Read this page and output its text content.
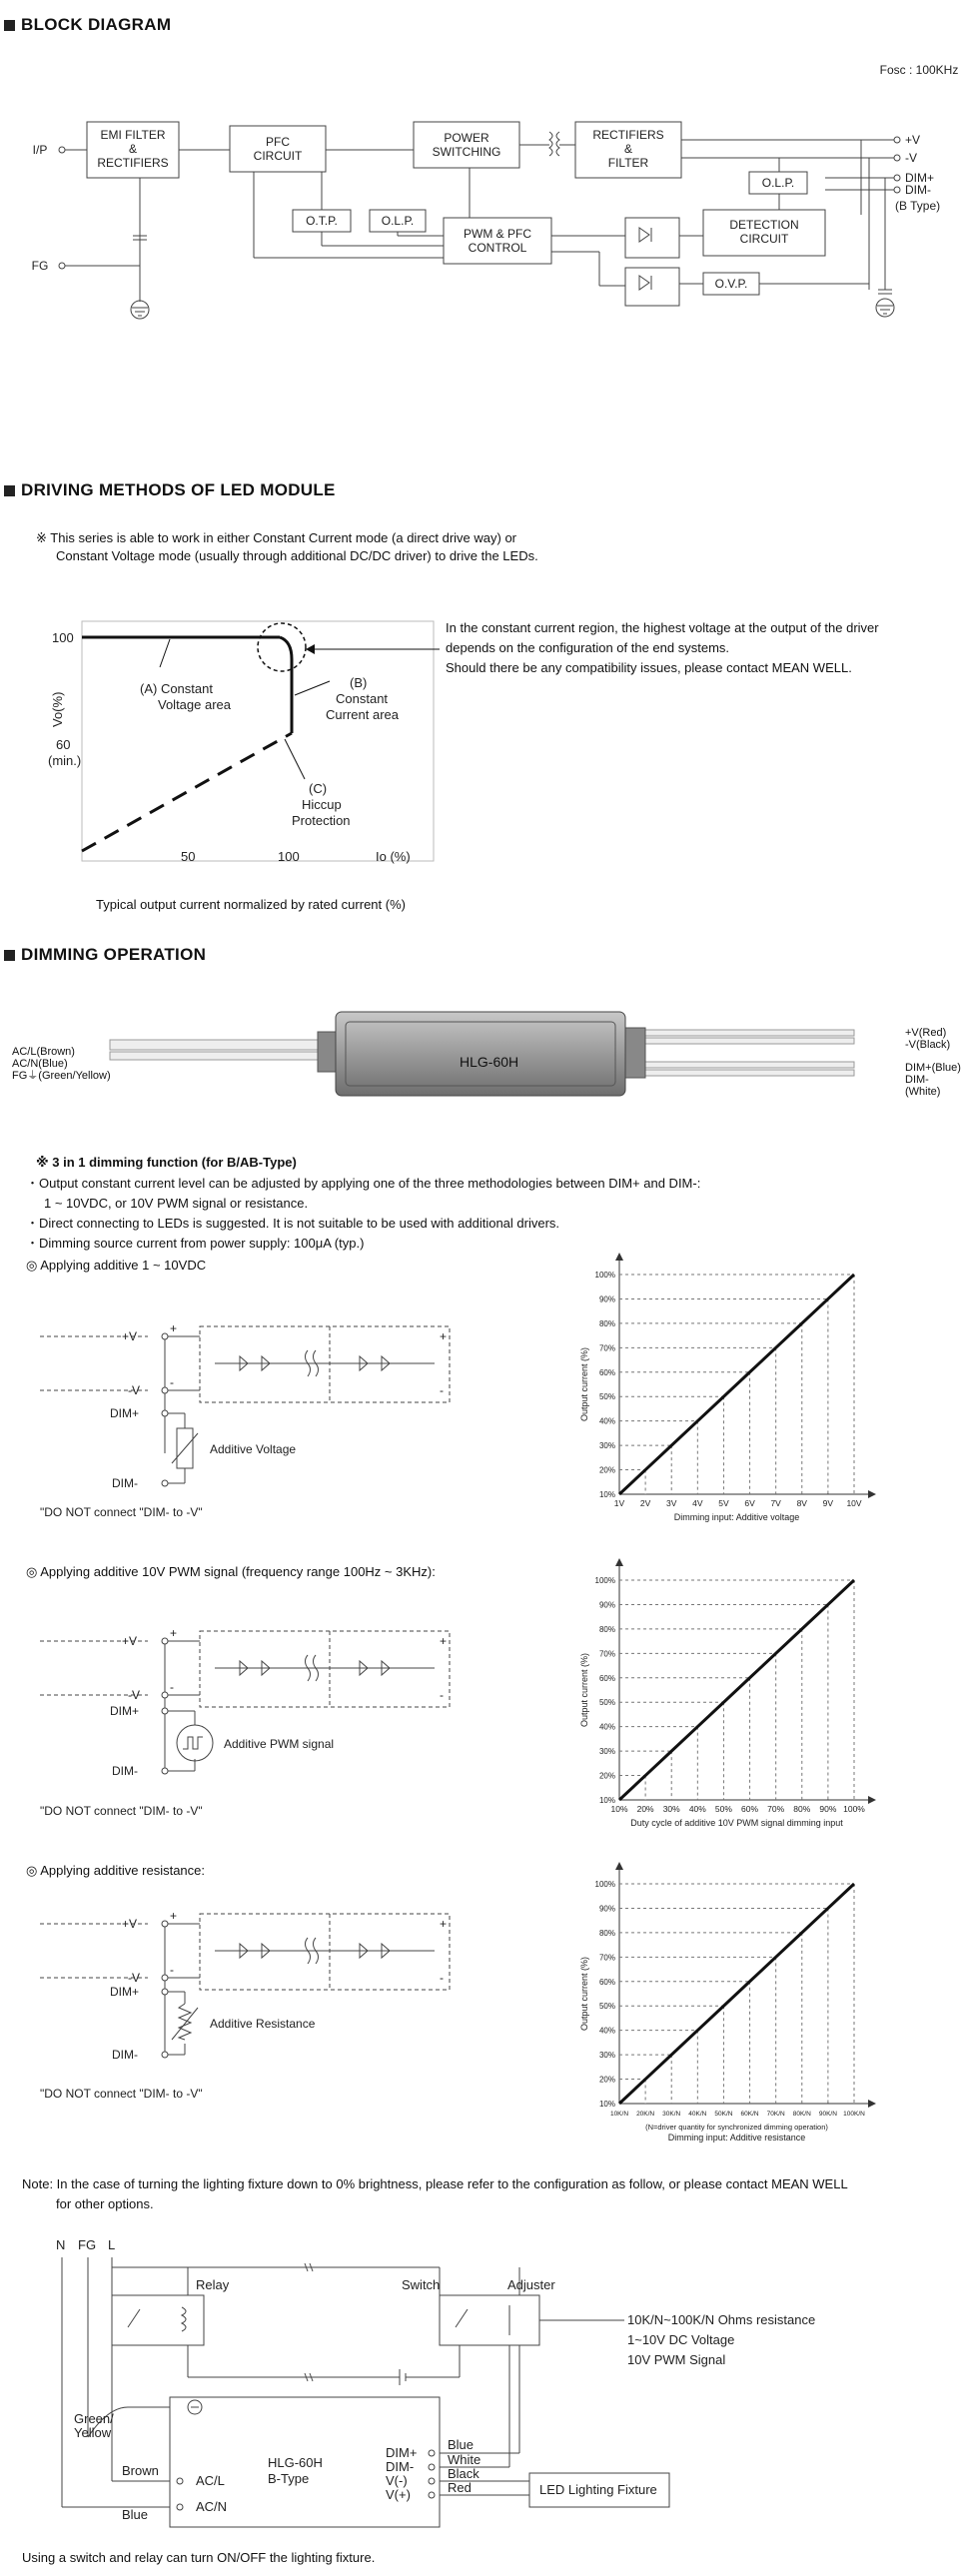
BLOCK DIAGRAM
Fosc : 100KHz
I/P
FG
EMI FILTER
&
RECTIFIERS
PFC
CIRCUIT
POWER
SWITCHING
RECTIFIERS
&
FILTER
O.T.P.	O.L.P.
PWM & PFC
CONTROL
O.L.P.
DETECTION
CIRCUIT
O.V.P.
+V
-V
DIM+
DIM-
(B Type)
DRIVING METHODS OF LED MODULE
※ This series is able to work in either Constant Current mode (a direct drive way) or
Constant Voltage mode (usually through additional DC/DC driver) to drive the LEDs.
100
60
(min.)
50	100	Io (%)
(A) Constant
Voltage area
(B)
Constant
Current area
(C)
Hiccup
Protection
Vo(%)
Typical output current normalized by rated current (%)
In the constant current region, the highest voltage at the output of the driver
depends on the configuration of the end systems.
Should there be any compatibility issues, please contact MEAN WELL.
DIMMING OPERATION
HLG-60H
AC/L(Brown)
AC/N(Blue)
FG⏚(Green/Yellow)
+V(Red)
-V(Black)
DIM+(Blue)
DIM-(White)
※ 3 in 1 dimming function (for B/AB-Type)
・Output constant current level can be adjusted by applying one of the three methodologies between DIM+ and DIM-:
1 ~ 10VDC, or 10V PWM signal or resistance.
・Direct connecting to LEDs is suggested. It is not suitable to be used with additional drivers.
・Dimming source current from power supply: 100μA (typ.)
◎ Applying additive 1 ~ 10VDC
+V
-V
DIM+
DIM-
+
-
+
-
Additive Voltage
"DO NOT connect "DIM- to -V"
◎ Applying additive 10V PWM signal (frequency range 100Hz ~ 3KHz):
+V
-V
DIM+
DIM-
+
-
+
-
Additive PWM signal
"DO NOT connect "DIM- to -V"
◎ Applying additive resistance:
+V
-V
DIM+
DIM-
+
-
+
-
Additive Resistance
"DO NOT connect "DIM- to -V"
10%
20%
30%
40%
50%
60%
70%
80%
90%
100%
1V 2V 3V 4V 5V 6V 7V 8V 9V 10V
Dimming input: Additive voltage
Output current (%)
10%
20%
30%
40%
50%
60%
70%
80%
90%
100%
10% 20% 30% 40% 50% 60% 70% 80% 90% 100%
Duty cycle of additive 10V PWM signal dimming input
Output current (%)
10%
20%
30%
40%
50%
60%
70%
80%
90%
100%
10K/N 20K/N 30K/N 40K/N 50K/N 60K/N 70K/N 80K/N 90K/N 100K/N
(N=driver quantity for synchronized dimming operation)
Dimming input: Additive resistance
Output current (%)
Note: In the case of turning the lighting fixture down to 0% brightness, please refer to the configuration as follow, or please contact MEAN WELL
for other options.
N FG L
Relay	Switch	Adjuster
10K/N~100K/N Ohms resistance
1~10V DC Voltage
10V PWM Signal
Green/
Yellow
Brown
Blue
AC/L
AC/N
HLG-60H
B-Type
DIM+
DIM-
V(-)
V(+)
Blue
White
Black
Red	LED Lighting Fixture
Using a switch and relay can turn ON/OFF the lighting fixture.
